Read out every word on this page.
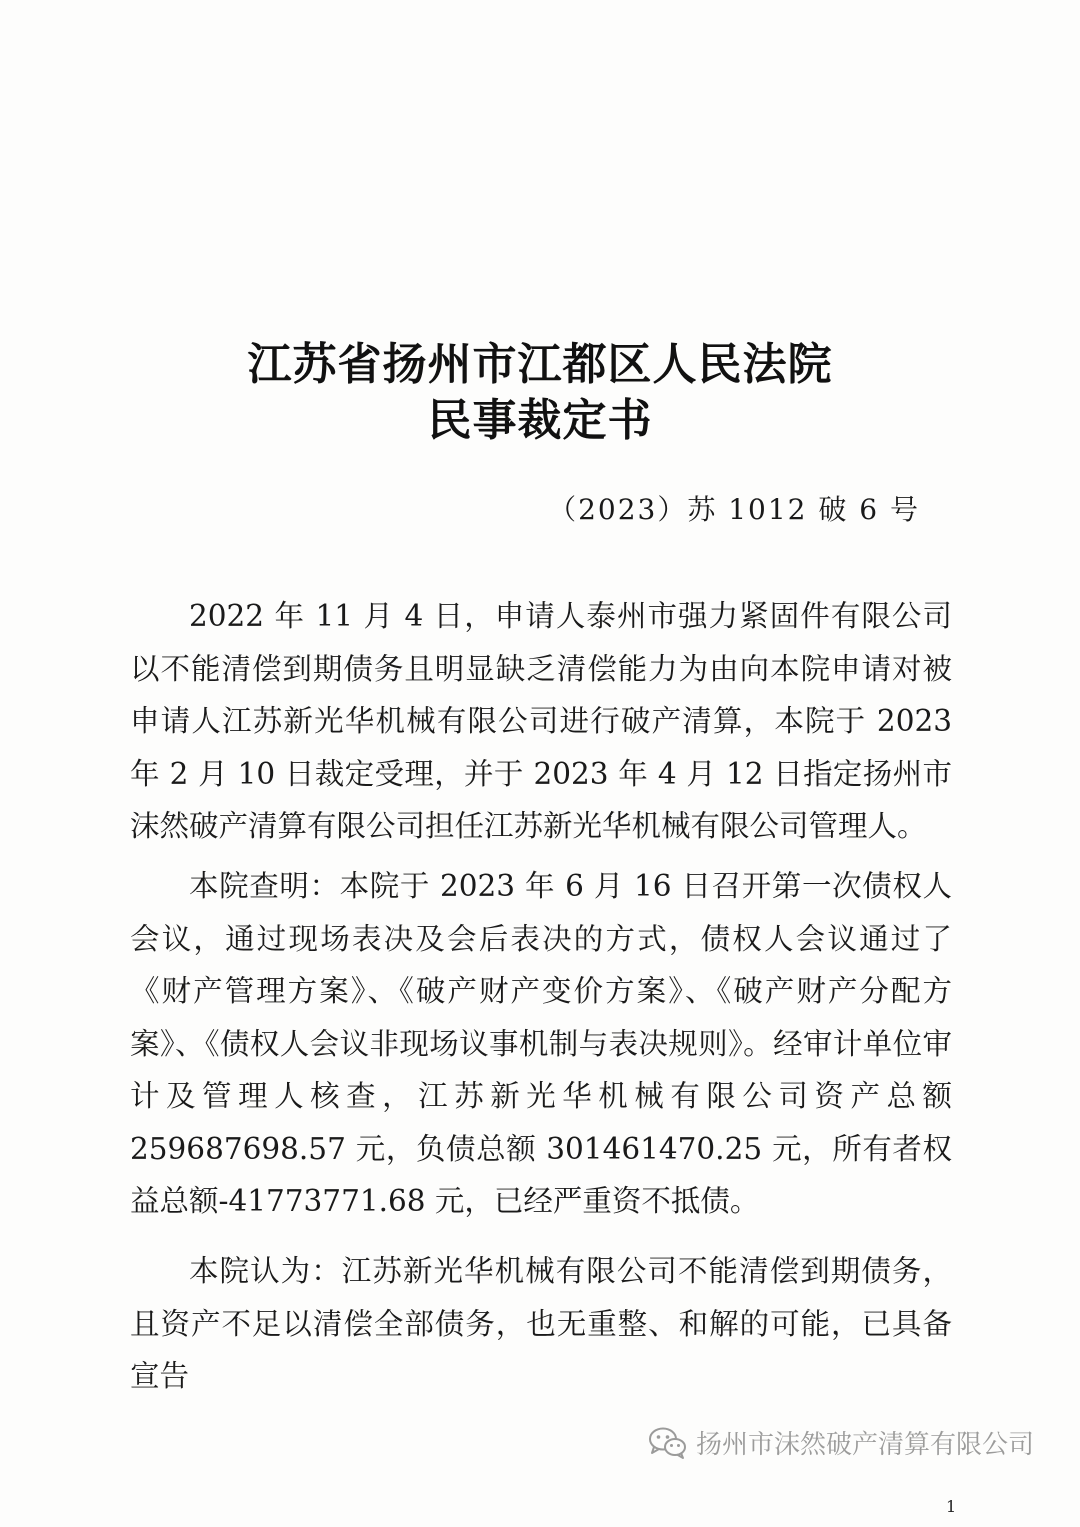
江苏省扬州市江都区人民法院
民事裁定书
（2023）苏 1012 破 6 号

2022 年 11 月 4 日，申请人泰州市强力紧固件有限公司以不能清偿到期债务且明显缺乏清偿能力为由向本院申请对被申请人江苏新光华机械有限公司进行破产清算，本院于 2023 年 2 月 10 日裁定受理，并于 2023 年 4 月 12 日指定扬州市沫然破产清算有限公司担任江苏新光华机械有限公司管理人。

本院查明：本院于 2023 年 6 月 16 日召开第一次债权人会议，通过现场表决及会后表决的方式，债权人会议通过了《财产管理方案》、《破产财产变价方案》、《破产财产分配方案》、《债权人会议非现场议事机制与表决规则》。经审计单位审计及管理人核查，江苏新光华机械有限公司资产总额 259687698.57 元，负债总额 301461470.25 元，所有者权益总额-41773771.68 元，已经严重资不抵债。

本院认为：江苏新光华机械有限公司不能清偿到期债务，且资产不足以清偿全部债务，也无重整、和解的可能，已具备宣告

1
扬州市沫然破产清算有限公司
